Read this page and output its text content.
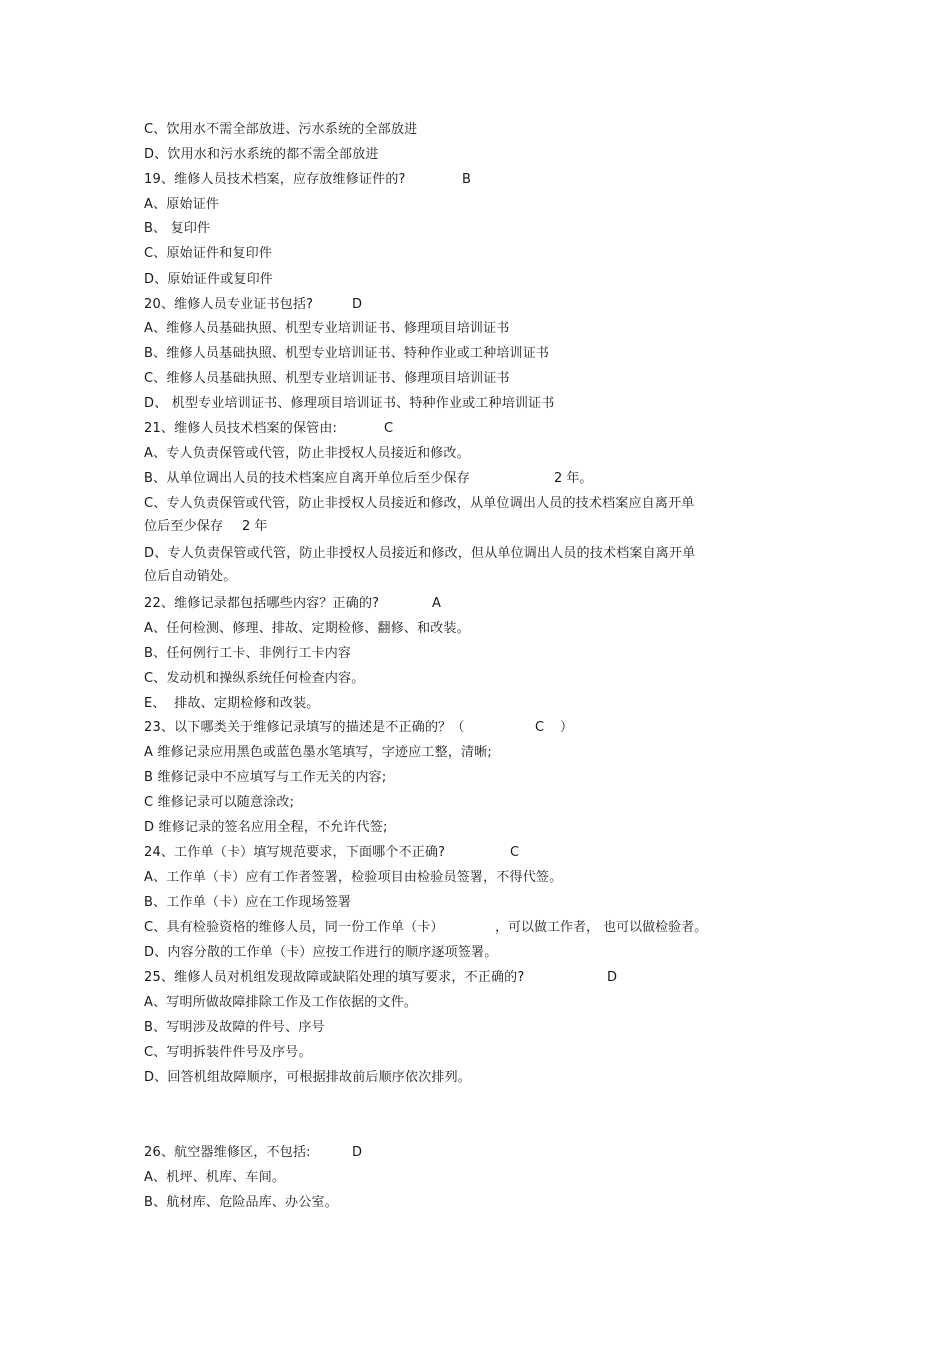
C、饮用水不需全部放进、污水系统的全部放进
D、饮用水和污水系统的都不需全部放进
19、维修人员技术档案，应存放维修证件的?	B
A、原始证件
B、 复印件
C、原始证件和复印件
D、原始证件或复印件
20、维修人员专业证书包括?	D
A、维修人员基础执照、机型专业培训证书、修理项目培训证书
B、维修人员基础执照、机型专业培训证书、特种作业或工种培训证书
C、维修人员基础执照、机型专业培训证书、修理项目培训证书
D、 机型专业培训证书、修理项目培训证书、特种作业或工种培训证书
21、维修人员技术档案的保管由:	C
A、专人负责保管或代管，防止非授权人员接近和修改。
B、从单位调出人员的技术档案应自离开单位后至少保存	2 年。
C、专人负责保管或代管，防止非授权人员接近和修改，从单位调出人员的技术档案应自离开单
位后至少保存 2 年
D、专人负责保管或代管，防止非授权人员接近和修改，但从单位调出人员的技术档案自离开单
位后自动销处。
22、维修记录都包括哪些内容？正确的?	A
A、任何检测、修理、排故、定期检修、翻修、和改装。
B、任何例行工卡、非例行工卡内容
C、发动机和操纵系统任何检查内容。
E、  排故、定期检修和改装。
23、以下哪类关于维修记录填写的描述是不正确的？（	C ）
A 维修记录应用黑色或蓝色墨水笔填写，字迹应工整，清晰;
B 维修记录中不应填写与工作无关的内容;
C 维修记录可以随意涂改;
D 维修记录的签名应用全程，不允许代签;
24、工作单（卡）填写规范要求，下面哪个不正确?	C
A、工作单（卡）应有工作者签署，检验项目由检验员签署，不得代签。
B、工作单（卡）应在工作现场签署
C、具有检验资格的维修人员，同一份工作单（卡）	，可以做工作者， 也可以做检验者。
D、内容分散的工作单（卡）应按工作进行的顺序逐项签署。
25、维修人员对机组发现故障或缺陷处理的填写要求，不正确的?	D
A、写明所做故障排除工作及工作依据的文件。
B、写明涉及故障的件号、序号
C、写明拆装件件号及序号。
D、回答机组故障顺序，可根据排故前后顺序依次排列。
26、航空器维修区，不包括:	D
A、机坪、机库、车间。
B、航材库、危险品库、办公室。
